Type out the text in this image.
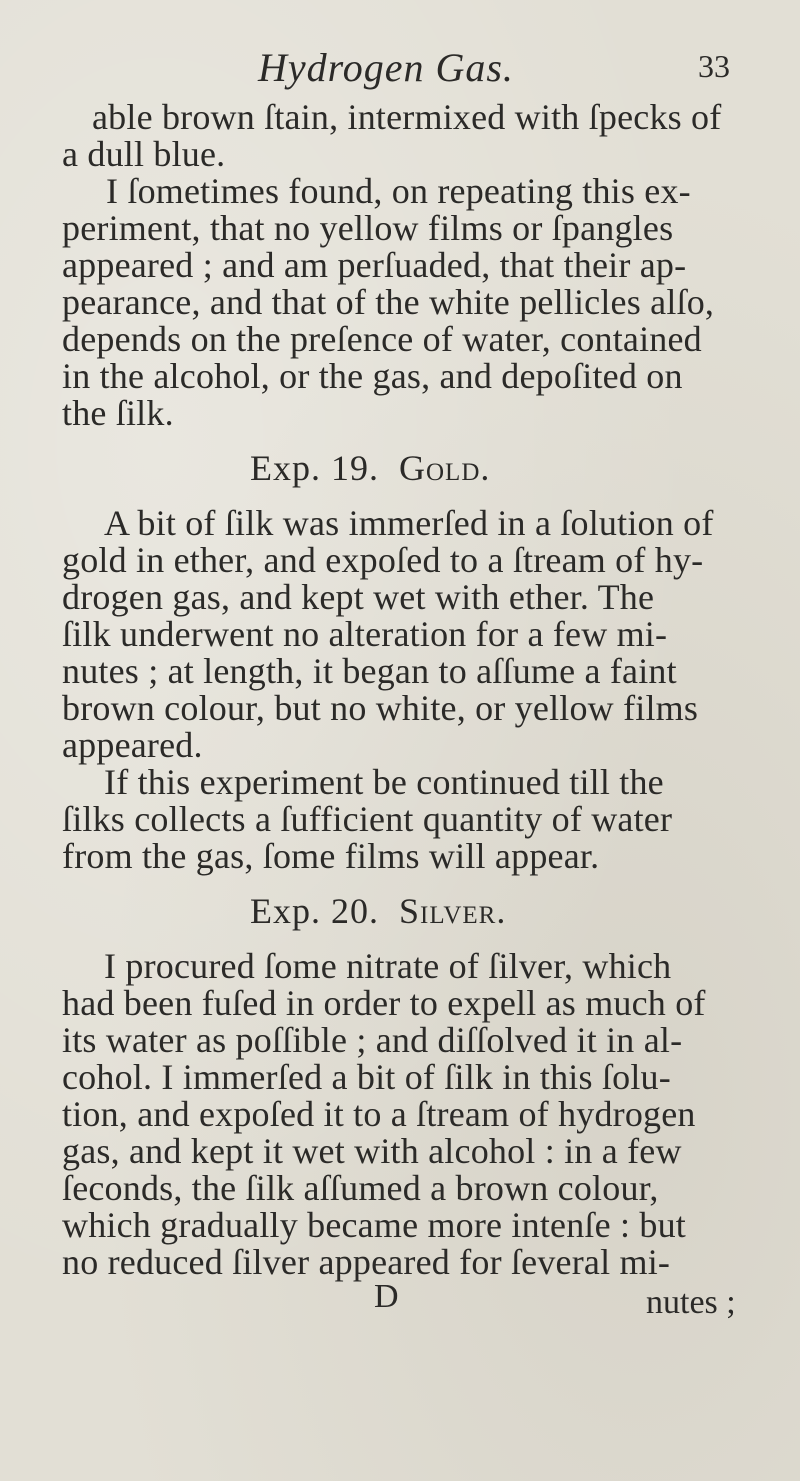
Hydrogen Gas.	33
able brown ſtain, intermixed with ſpecks of
a dull blue.
I ſometimes found, on repeating this ex-
periment, that no yellow films or ſpangles
appeared ; and am perſuaded, that their ap-
pearance, and that of the white pellicles alſo,
depends on the preſence of water, contained
in the alcohol, or the gas, and depoſited on
the ſilk.
Exp. 19. Gold.
A bit of ſilk was immerſed in a ſolution of
gold in ether, and expoſed to a ſtream of hy-
drogen gas, and kept wet with ether. The
ſilk underwent no alteration for a few mi-
nutes ; at length, it began to aſſume a faint
brown colour, but no white, or yellow films
appeared.
If this experiment be continued till the
ſilks collects a ſufficient quantity of water
from the gas, ſome films will appear.
Exp. 20. Silver.
I procured ſome nitrate of ſilver, which
had been fuſed in order to expell as much of
its water as poſſible ; and diſſolved it in al-
cohol. I immerſed a bit of ſilk in this ſolu-
tion, and expoſed it to a ſtream of hydrogen
gas, and kept it wet with alcohol : in a few
ſeconds, the ſilk aſſumed a brown colour,
which gradually became more intenſe : but
no reduced ſilver appeared for ſeveral mi-
D	nutes ;
